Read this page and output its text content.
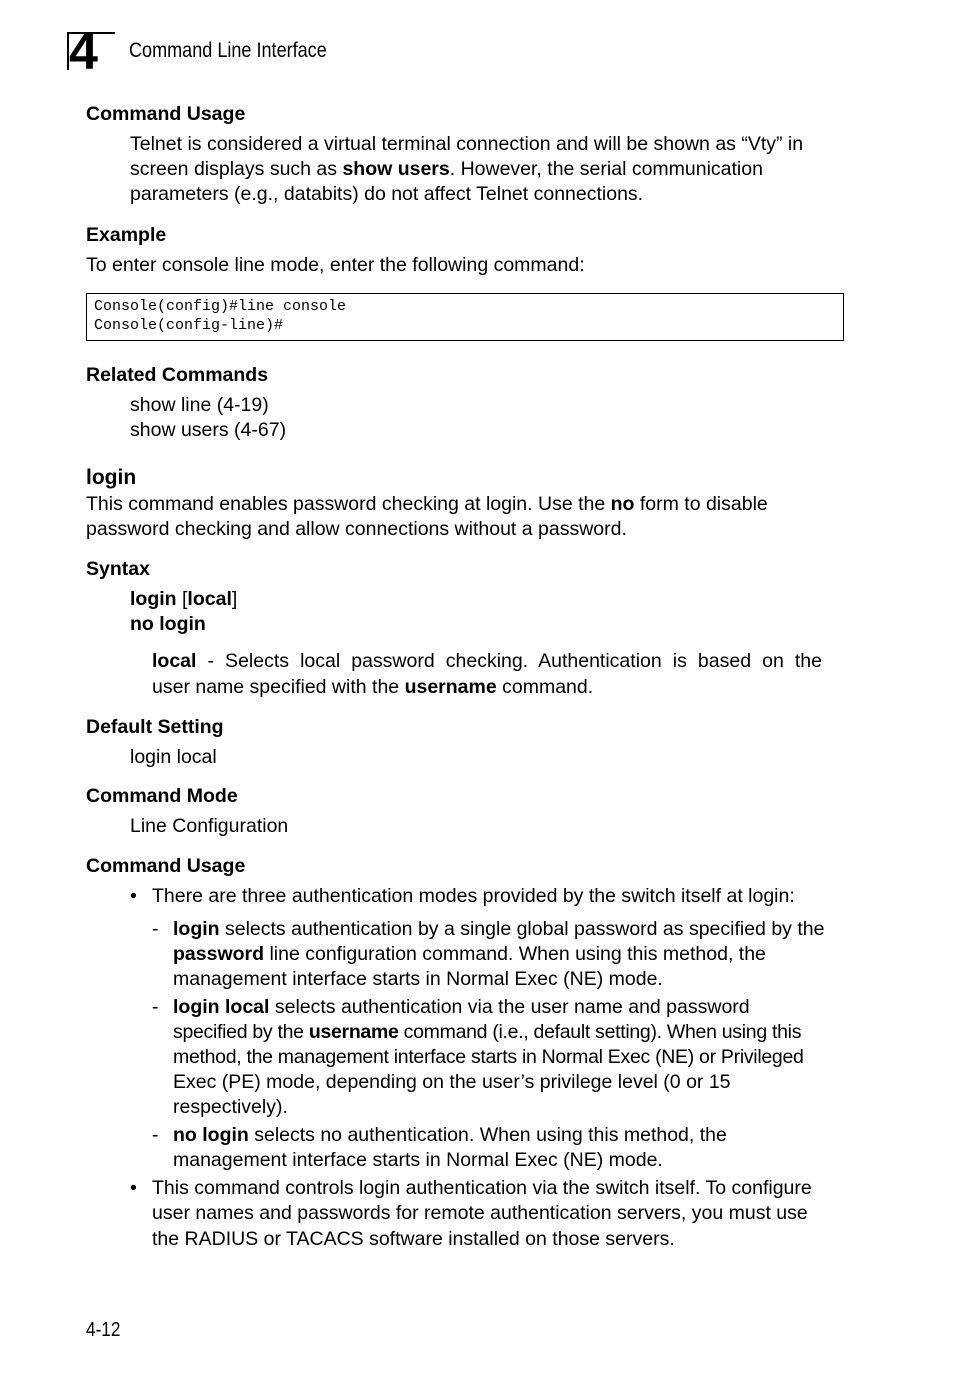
4 Command Line Interface
Command Usage
Telnet is considered a virtual terminal connection and will be shown as “Vty” in
screen displays such as show users. However, the serial communication
parameters (e.g., databits) do not affect Telnet connections.
Example
To enter console line mode, enter the following command:
Console(config)#line console
Console(config-line)#
Related Commands
show line (4-19)
show users (4-67)
login
This command enables password checking at login. Use the no form to disable
password checking and allow connections without a password.
Syntax
login [local]
no login
local - Selects local password checking. Authentication is based on the
user name specified with the username command.
Default Setting
login local
Command Mode
Line Configuration
Command Usage
• There are three authentication modes provided by the switch itself at login:
- login selects authentication by a single global password as specified by the
password line configuration command. When using this method, the
management interface starts in Normal Exec (NE) mode.
- login local selects authentication via the user name and password
specified by the username command (i.e., default setting). When using this
method, the management interface starts in Normal Exec (NE) or Privileged
Exec (PE) mode, depending on the user’s privilege level (0 or 15
respectively).
- no login selects no authentication. When using this method, the
management interface starts in Normal Exec (NE) mode.
• This command controls login authentication via the switch itself. To configure
user names and passwords for remote authentication servers, you must use
the RADIUS or TACACS software installed on those servers.
4-12
